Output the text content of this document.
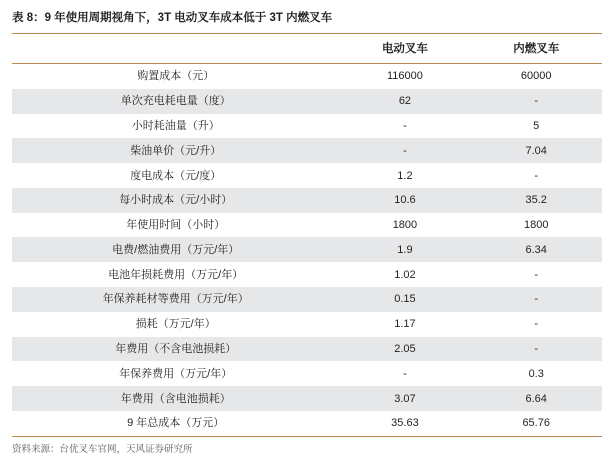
表 8：9 年使用周期视角下，3T 电动叉车成本低于 3T 内燃叉车
	电动叉车	内燃叉车
购置成本（元）	116000	60000
单次充电耗电量（度）	62	-
小时耗油量（升）	-	5
柴油单价（元/升）	-	7.04
度电成本（元/度）	1.2	-
每小时成本（元/小时）	10.6	35.2
年使用时间（小时）	1800	1800
电费/燃油费用（万元/年）	1.9	6.34
电池年损耗费用（万元/年）	1.02	-
年保养耗材等费用（万元/年）	0.15	-
损耗（万元/年）	1.17	-
年费用（不含电池损耗）	2.05	-
年保养费用（万元/年）	-	0.3
年费用（含电池损耗）	3.07	6.64
9 年总成本（万元）	35.63	65.76
资料来源：台优叉车官网，天风证券研究所
